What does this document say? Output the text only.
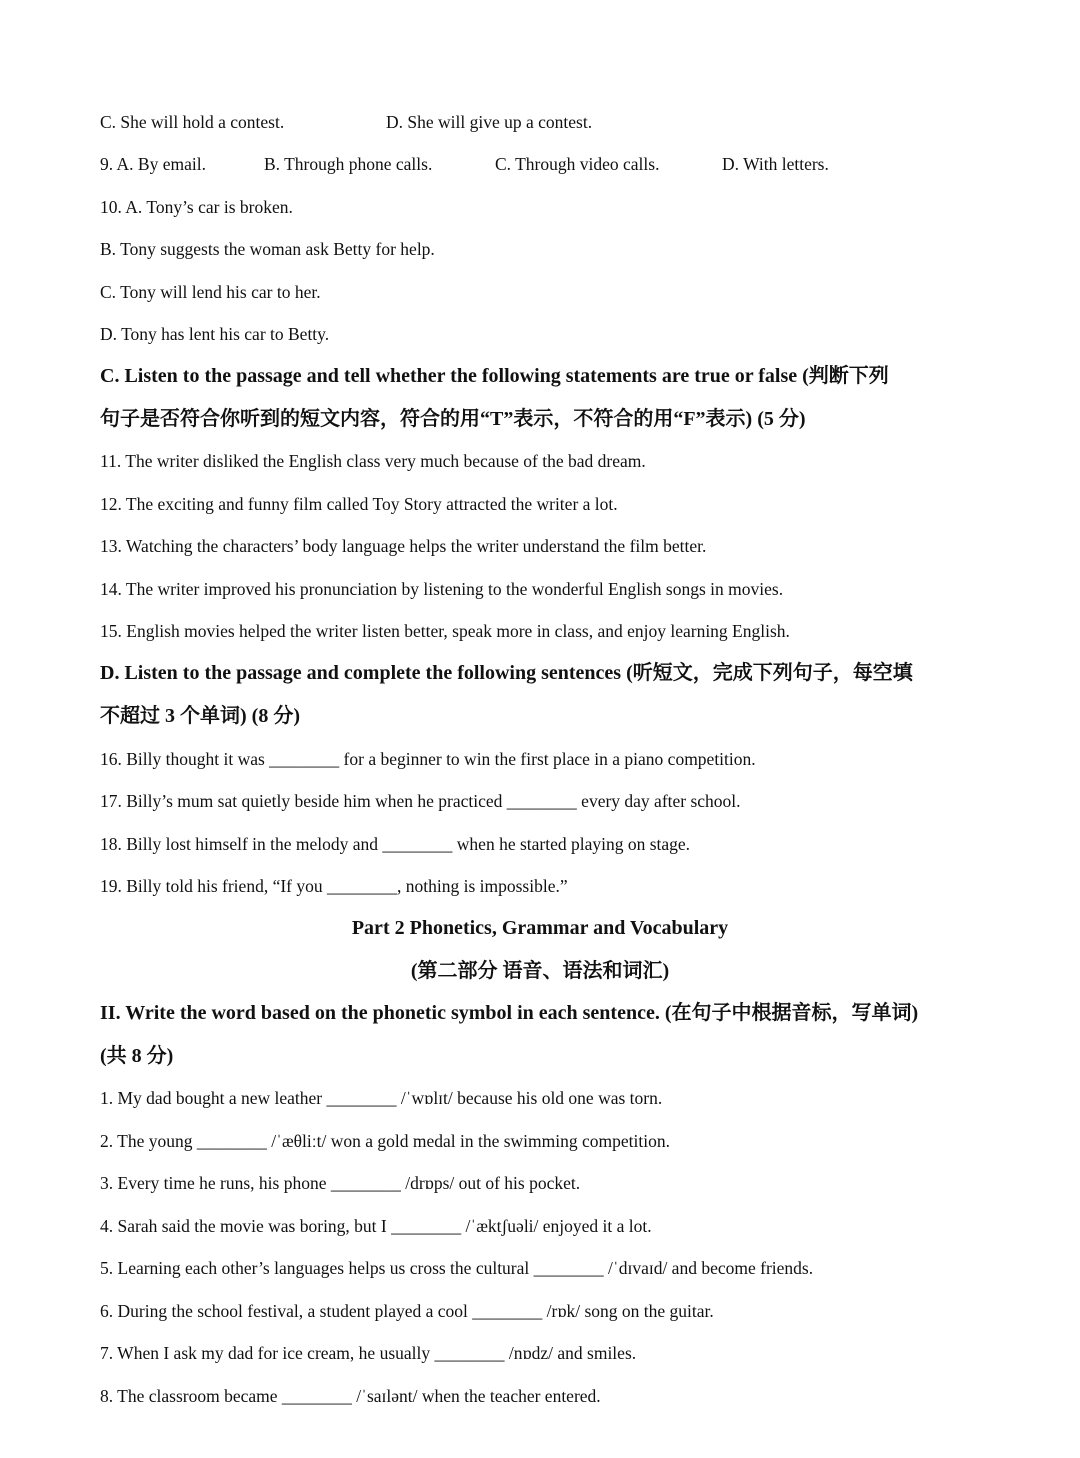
C. She will hold a contest.	D. She will give up a contest.
9. A. By email.	B. Through phone calls.	C. Through video calls.	D. With letters.
10. A. Tony’s car is broken.
B. Tony suggests the woman ask Betty for help.
C. Tony will lend his car to her.
D. Tony has lent his car to Betty.
C. Listen to the passage and tell whether the following statements are true or false (判断下列
句子是否符合你听到的短文内容，符合的用“T”表示，不符合的用“F”表示) (5 分)
11. The writer disliked the English class very much because of the bad dream.
12. The exciting and funny film called Toy Story attracted the writer a lot.
13. Watching the characters’ body language helps the writer understand the film better.
14. The writer improved his pronunciation by listening to the wonderful English songs in movies.
15. English movies helped the writer listen better, speak more in class, and enjoy learning English.
D. Listen to the passage and complete the following sentences (听短文，完成下列句子，每空填
不超过 3 个单词) (8 分)
16. Billy thought it was ________ for a beginner to win the first place in a piano competition.
17. Billy’s mum sat quietly beside him when he practiced ________ every day after school.
18. Billy lost himself in the melody and ________ when he started playing on stage.
19. Billy told his friend, “If you ________, nothing is impossible.”
Part 2 Phonetics, Grammar and Vocabulary
(第二部分 语音、语法和词汇)
II. Write the word based on the phonetic symbol in each sentence. (在句子中根据音标，写单词)
(共 8 分)
1. My dad bought a new leather ________ /ˈwɒlɪt/ because his old one was torn.
2. The young ________ /ˈæθliːt/ won a gold medal in the swimming competition.
3. Every time he runs, his phone ________ /drɒps/ out of his pocket.
4. Sarah said the movie was boring, but I ________ /ˈæktʃuəli/ enjoyed it a lot.
5. Learning each other’s languages helps us cross the cultural ________ /ˈdɪvaɪd/ and become friends.
6. During the school festival, a student played a cool ________ /rɒk/ song on the guitar.
7. When I ask my dad for ice cream, he usually ________ /nɒdz/ and smiles.
8. The classroom became ________ /ˈsaɪlənt/ when the teacher entered.
